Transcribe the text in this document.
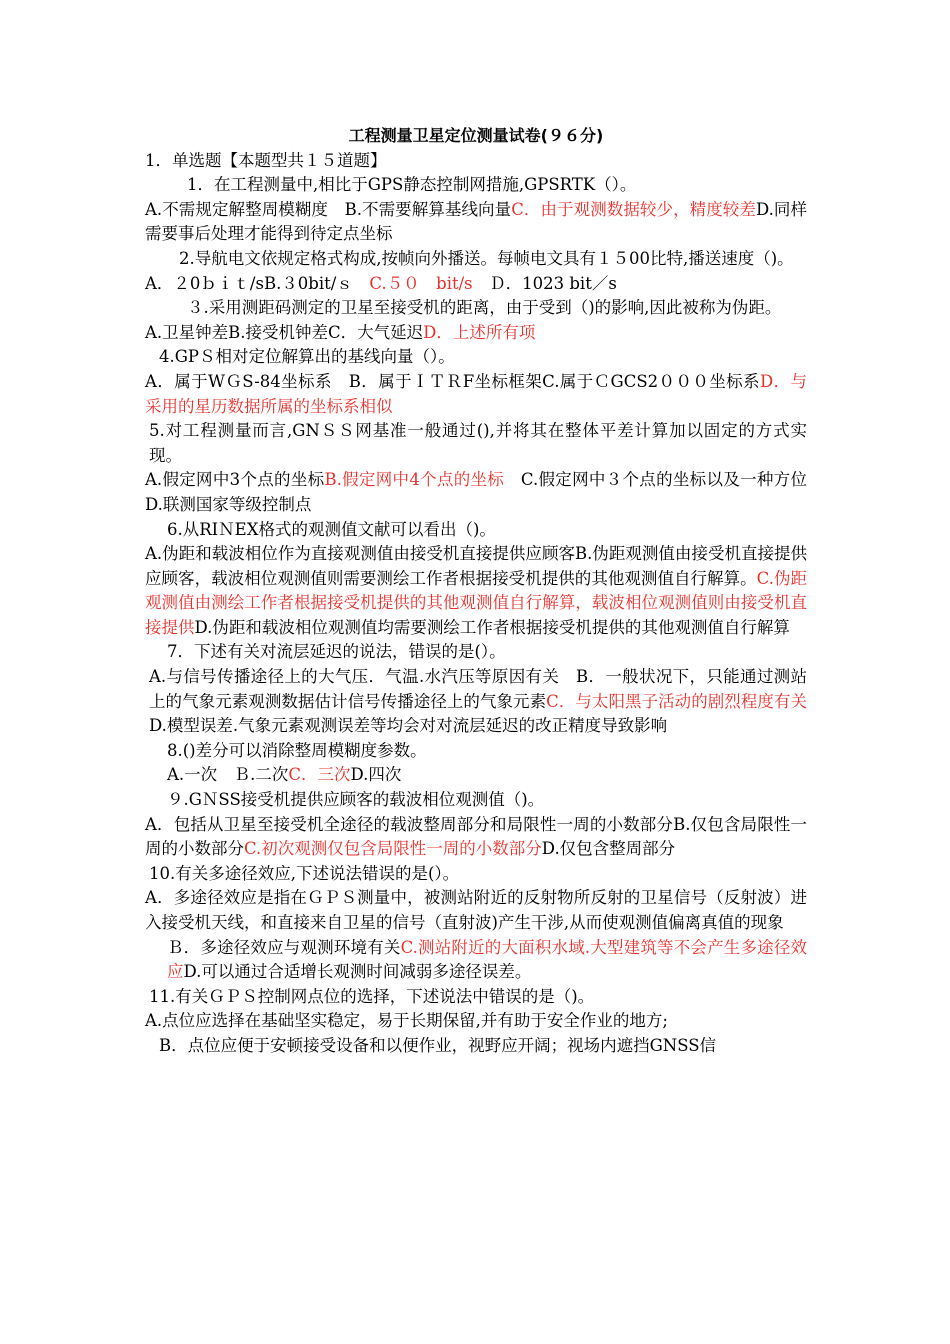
工程测量卫星定位测量试卷(９６分)

1．单选题【本题型共１５道题】

1．在工程测量中,相比于GPS静态控制网措施,GPSRTK（）。

A.不需规定解整周模糊度　B.不需要解算基线向量C．由于观测数据较少，精度较差D.同样需要事后处理才能得到待定点坐标

2.导航电文依规定格式构成,按帧向外播送。每帧电文具有１５00比特,播送速度（)。

A．２0ｂｉｔ/sB.３0bit/ｓ　C.５０　bit/s　 Ｄ．1023 bit／s

３.采用测距码测定的卫星至接受机的距离，由于受到（)的影响,因此被称为伪距。

A.卫星钟差B.接受机钟差C．大气延迟D．上述所有项

4.GPＳ相对定位解算出的基线向量（）。

A．属于WＧS-84坐标系　B．属于ＩＴＲF坐标框架C.属于ＣGCS2０００坐标系D．与采用的星历数据所属的坐标系相似

5.对工程测量而言,GNＳＳ网基准一般通过(),并将其在整体平差计算加以固定的方式实现。

A.假定网中3个点的坐标B.假定网中4个点的坐标　C.假定网中３个点的坐标以及一种方位D.联测国家等级控制点

6.从RIＮEX格式的观测值文献可以看出（)。

A.伪距和载波相位作为直接观测值由接受机直接提供应顾客B.伪距观测值由接受机直接提供应顾客，载波相位观测值则需要测绘工作者根据接受机提供的其他观测值自行解算。C.伪距观测值由测绘工作者根据接受机提供的其他观测值自行解算，载波相位观测值则由接受机直接提供D.伪距和载波相位观测值均需要测绘工作者根据接受机提供的其他观测值自行解算

7．下述有关对流层延迟的说法，错误的是(）。

A.与信号传播途径上的大气压．气温.水汽压等原因有关　B．一般状况下，只能通过测站上的气象元素观测数据估计信号传播途径上的气象元素C．与太阳黑子活动的剧烈程度有关D.模型误差.气象元素观测误差等均会对对流层延迟的改正精度导致影响

8.()差分可以消除整周模糊度参数。

A.一次　Ｂ.二次C．三次D.四次

９.GＮSS接受机提供应顾客的载波相位观测值（)。

A．包括从卫星至接受机全途径的载波整周部分和局限性一周的小数部分B.仅包含局限性一周的小数部分C.初次观测仅包含局限性一周的小数部分D.仅包含整周部分

10.有关多途径效应,下述说法错误的是(）。

A．多途径效应是指在ＧＰＳ测量中，被测站附近的反射物所反射的卫星信号（反射波）进入接受机天线，和直接来自卫星的信号（直射波)产生干涉,从而使观测值偏离真值的现象

Ｂ．多途径效应与观测环境有关C.测站附近的大面积水域.大型建筑等不会产生多途径效应D.可以通过合适增长观测时间减弱多途径误差。

11.有关ＧＰＳ控制网点位的选择，下述说法中错误的是（)。

A.点位应选择在基础坚实稳定，易于长期保留,并有助于安全作业的地方;

B．点位应便于安顿接受设备和以便作业，视野应开阔；视场内遮挡GNSS信
